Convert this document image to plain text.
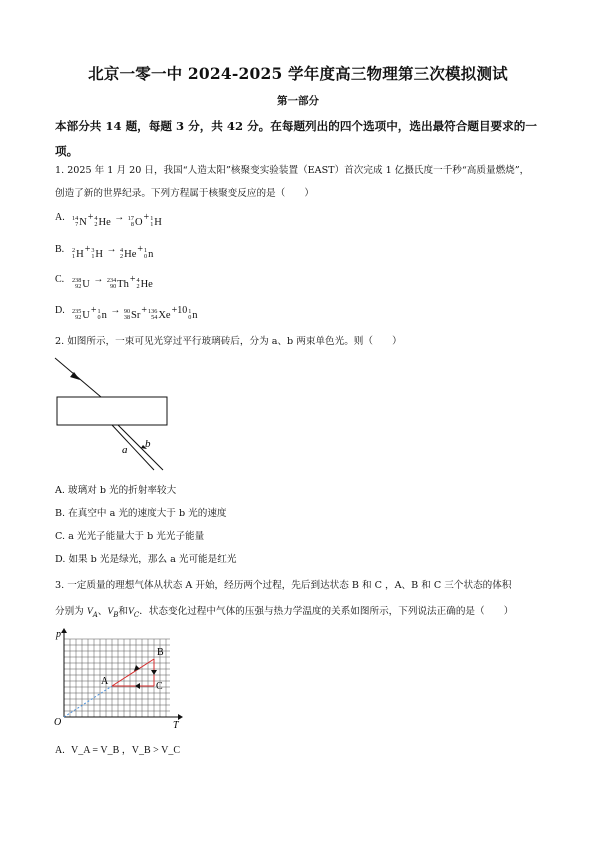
北京一零一中 2024-2025 学年度高三物理第三次模拟测试
第一部分
本部分共 14 题，每题 3 分，共 42 分。在每题列出的四个选项中，选出最符合题目要求的一
项。
1. 2025 年 1 月 20 日，我国“人造太阳”核聚变实验装置（EAST）首次完成 1 亿摄氏度一千秒“高质量燃烧”，
创造了新的世界纪录。下列方程属于核聚变反应的是（　　）
A. 14
7 N + 4
2 He → 17
8 O + 1
1 H
B. 2
1 H + 3
1 H → 4
2 He + 1
0 n
C. 238
92 U → 234
90 Th + 4
2 He
D. 235
92 U + 1
0 n → 90
38 Sr + 136
54 Xe +10 1
0 n
2. 如图所示，一束可见光穿过平行玻璃砖后，分为 a、b 两束单色光。则（　　）
a b
A. 玻璃对 b 光的折射率较大
B. 在真空中 a 光的速度大于 b 光的速度
C. a 光光子能量大于 b 光光子能量
D. 如果 b 光是绿光，那么 a 光可能是红光
3. 一定质量的理想气体从状态 A 开始，经历两个过程，先后到达状态 B 和 C ，A、B 和 C 三个状态的体积
分别为 $V_A$、$V_B$和$V_C$．状态变化过程中气体的压强与热力学温度的关系如图所示，下列说法正确的是（　　）
p
T
O
A
B
C
A. V_A = V_B ，V_B > V_C
